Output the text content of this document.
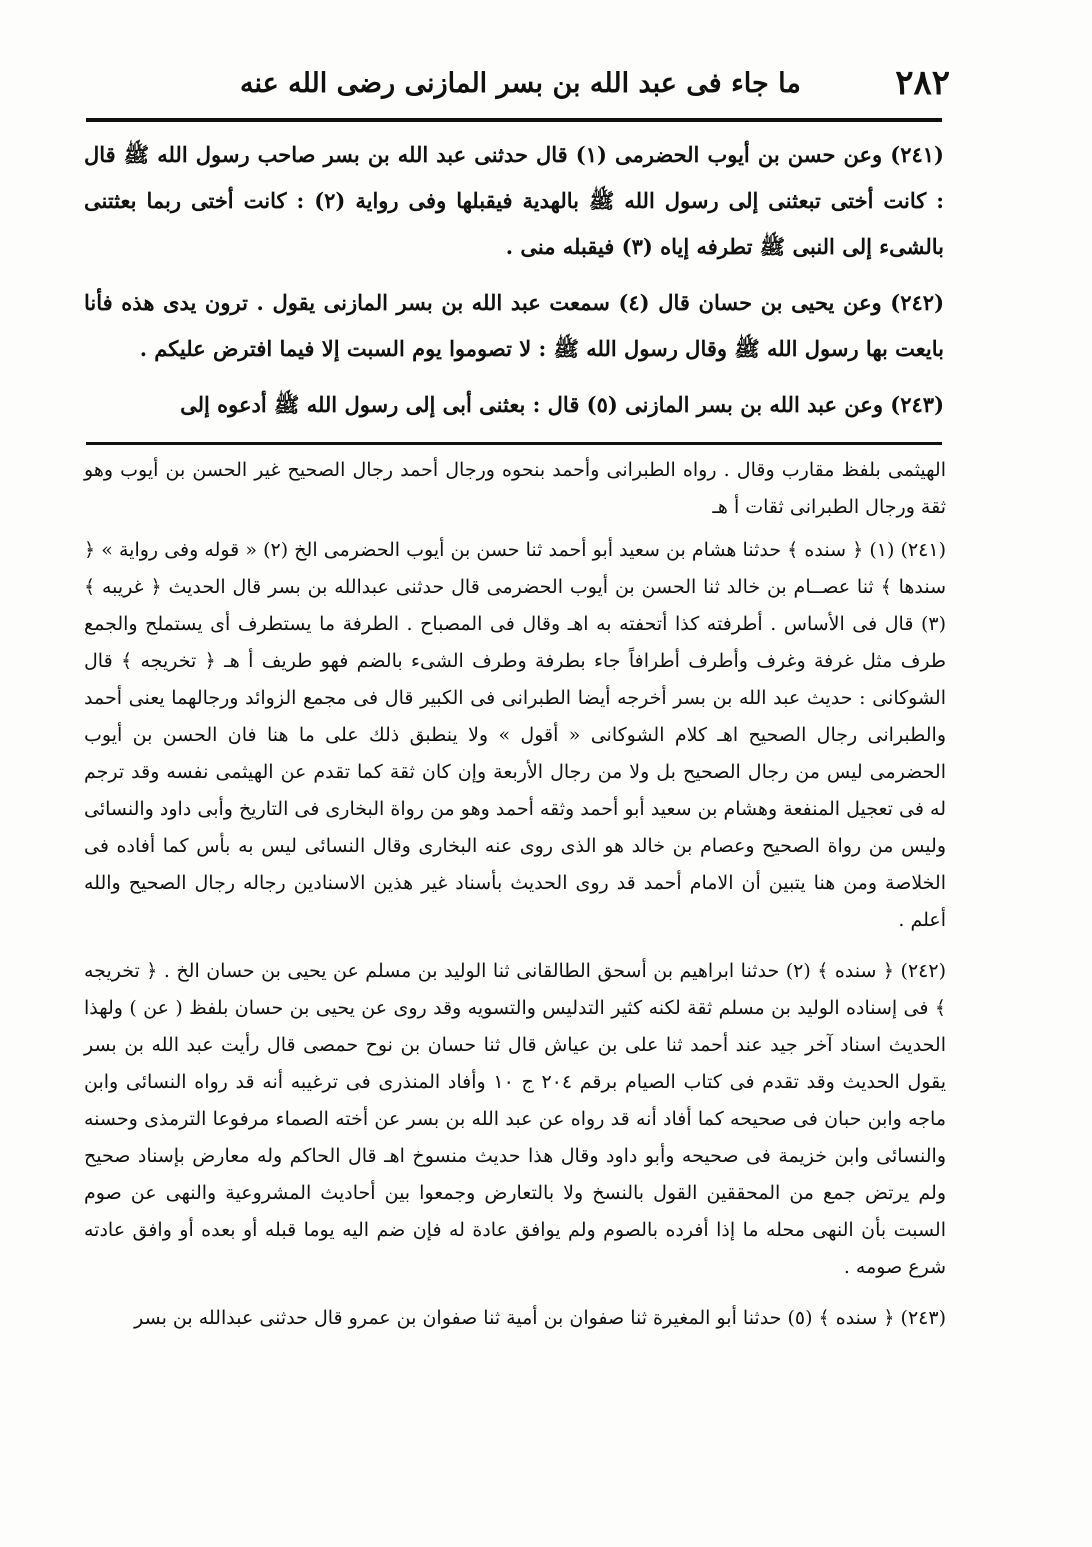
٢٨٢
ما جاء فى عبد الله بن بسر المازنى رضى الله عنه

(٢٤١) وعن حسن بن أيوب الحضرمى (١) قال حدثنى عبد الله بن بسر صاحب رسول الله ﷺ قال : كانت أختى تبعثنى إلى رسول الله ﷺ بالهدية فيقبلها وفى رواية (٢) : كانت أختى ربما بعثتنى بالشىء إلى النبى ﷺ تطرفه إياه (٣) فيقبله منى .

(٢٤٢) وعن يحيى بن حسان قال (٤) سمعت عبد الله بن بسر المازنى يقول . ترون يدى هذه فأنا بايعت بها رسول الله ﷺ وقال رسول الله ﷺ : لا تصوموا يوم السبت إلا فيما افترض عليكم .

(٢٤٣) وعن عبد الله بن بسر المازنى (٥) قال : بعثنى أبى إلى رسول الله ﷺ أدعوه إلى

الهيثمى بلفظ مقارب وقال . رواه الطبرانى وأحمد بنحوه ورجال أحمد رجال الصحيح غير الحسن بن أيوب وهو ثقة ورجال الطبرانى ثقات أ هـ

(٢٤١) (١) ﴿ سنده ﴾ حدثنا هشام بن سعيد أبو أحمد ثنا حسن بن أيوب الحضرمى الخ (٢) « قوله وفى رواية » ﴿ سندها ﴾ ثنا عصــام بن خالد ثنا الحسن بن أيوب الحضرمى قال حدثنى عبدالله بن بسر قال الحديث ﴿ غريبه ﴾ (٣) قال فى الأساس . أطرفته كذا أتحفته به اهـ وقال فى المصباح . الطرفة ما يستطرف أى يستملح والجمع طرف مثل غرفة وغرف وأطرف أطرافاً جاء بطرفة وطرف الشىء بالضم فهو طريف أ هـ ﴿ تخريجه ﴾ قال الشوكانى : حديث عبد الله بن بسر أخرجه أيضا الطبرانى فى الكبير قال فى مجمع الزوائد ورجالهما يعنى أحمد والطبرانى رجال الصحيح اهـ كلام الشوكانى « أقول » ولا ينطبق ذلك على ما هنا فان الحسن بن أيوب الحضرمى ليس من رجال الصحيح بل ولا من رجال الأربعة وإن كان ثقة كما تقدم عن الهيثمى نفسه وقد ترجم له فى تعجيل المنفعة وهشام بن سعيد أبو أحمد وثقه أحمد وهو من رواة البخارى فى التاريخ وأبى داود والنسائى وليس من رواة الصحيح وعصام بن خالد هو الذى روى عنه البخارى وقال النسائى ليس به بأس كما أفاده فى الخلاصة ومن هنا يتبين أن الامام أحمد قد روى الحديث بأسناد غير هذين الاسنادين رجاله رجال الصحيح والله أعلم .

(٢٤٢) ﴿ سنده ﴾ (٢) حدثنا ابراهيم بن أسحق الطالقانى ثنا الوليد بن مسلم عن يحيى بن حسان الخ . ﴿ تخريجه ﴾ فى إسناده الوليد بن مسلم ثقة لكنه كثير التدليس والتسويه وقد روى عن يحيى بن حسان بلفظ ( عن ) ولهذا الحديث اسناد آخر جيد عند أحمد ثنا على بن عياش قال ثنا حسان بن نوح حمصى قال رأيت عبد الله بن بسر يقول الحديث وقد تقدم فى كتاب الصيام برقم ٢٠٤ ج ١٠ وأفاد المنذرى فى ترغيبه أنه قد رواه النسائى وابن ماجه وابن حبان فى صحيحه كما أفاد أنه قد رواه عن عبد الله بن بسر عن أخته الصماء مرفوعا الترمذى وحسنه والنسائى وابن خزيمة فى صحيحه وأبو داود وقال هذا حديث منسوخ اهـ قال الحاكم وله معارض بإسناد صحيح ولم يرتض جمع من المحققين القول بالنسخ ولا بالتعارض وجمعوا بين أحاديث المشروعية والنهى عن صوم السبت بأن النهى محله ما إذا أفرده بالصوم ولم يوافق عادة له فإن ضم اليه يوما قبله أو بعده أو وافق عادته شرع صومه .

(٢٤٣) ﴿ سنده ﴾ (٥) حدثنا أبو المغيرة ثنا صفوان بن أمية ثنا صفوان بن عمرو قال حدثنى عبدالله بن بسر
